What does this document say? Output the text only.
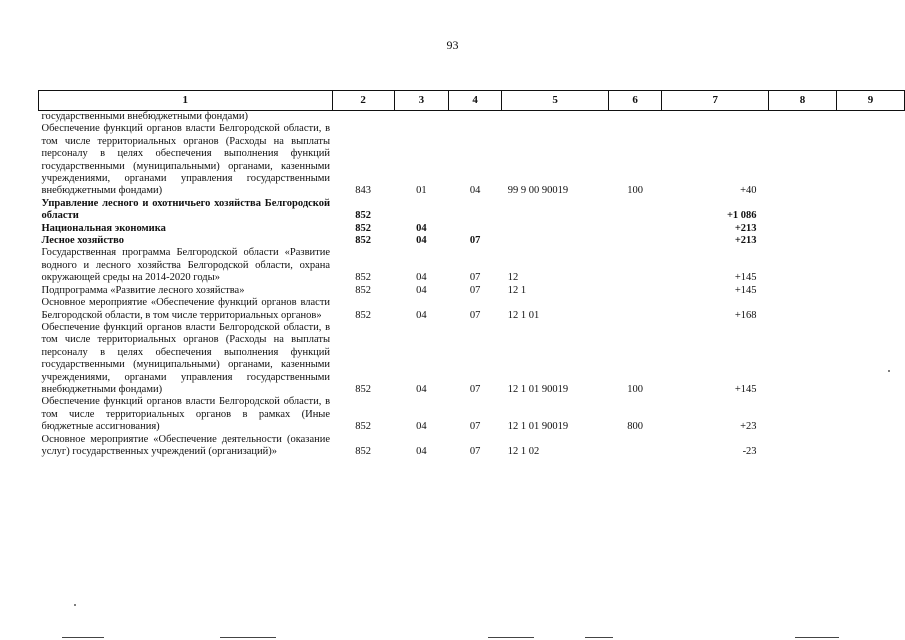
93
1	2	3	4	5	6	7	8	9
государственными внебюджетными фондами)								
Обеспечение функций органов власти Белгородской области, в том числе территориальных органов (Расходы на выплаты персоналу в целях обеспечения выполнения функций государственными (муниципальными) органами, казенными учреждениями, органами управления государственными внебюджетными фондами)	843	01	04	99 9 00 90019	100	+40		
Управление лесного и охотничьего хозяйства Белгородской области	852					+1 086		
Национальная экономика	852	04				+213		
Лесное хозяйство	852	04	07			+213		
Государственная программа Белгородской области «Развитие водного и лесного хозяйства Белгородской области, охрана окружающей среды на 2014-2020 годы»	852	04	07	12		+145		
Подпрограмма «Развитие лесного хозяйства»	852	04	07	12 1		+145		
Основное мероприятие «Обеспечение функций органов власти Белгородской области, в том числе территориальных органов»	852	04	07	12 1 01		+168		
Обеспечение функций органов власти Белгородской области, в том числе территориальных органов (Расходы на выплаты персоналу в целях обеспечения выполнения функций государственными (муниципальными) органами, казенными учреждениями, органами управления государственными внебюджетными фондами)	852	04	07	12 1 01 90019	100	+145		
Обеспечение функций органов власти Белгородской области, в том числе территориальных органов в рамках (Иные бюджетные ассигнования)	852	04	07	12 1 01 90019	800	+23		
Основное мероприятие «Обеспечение деятельности (оказание услуг) государственных учреждений (организаций)»	852	04	07	12 1 02		-23		
